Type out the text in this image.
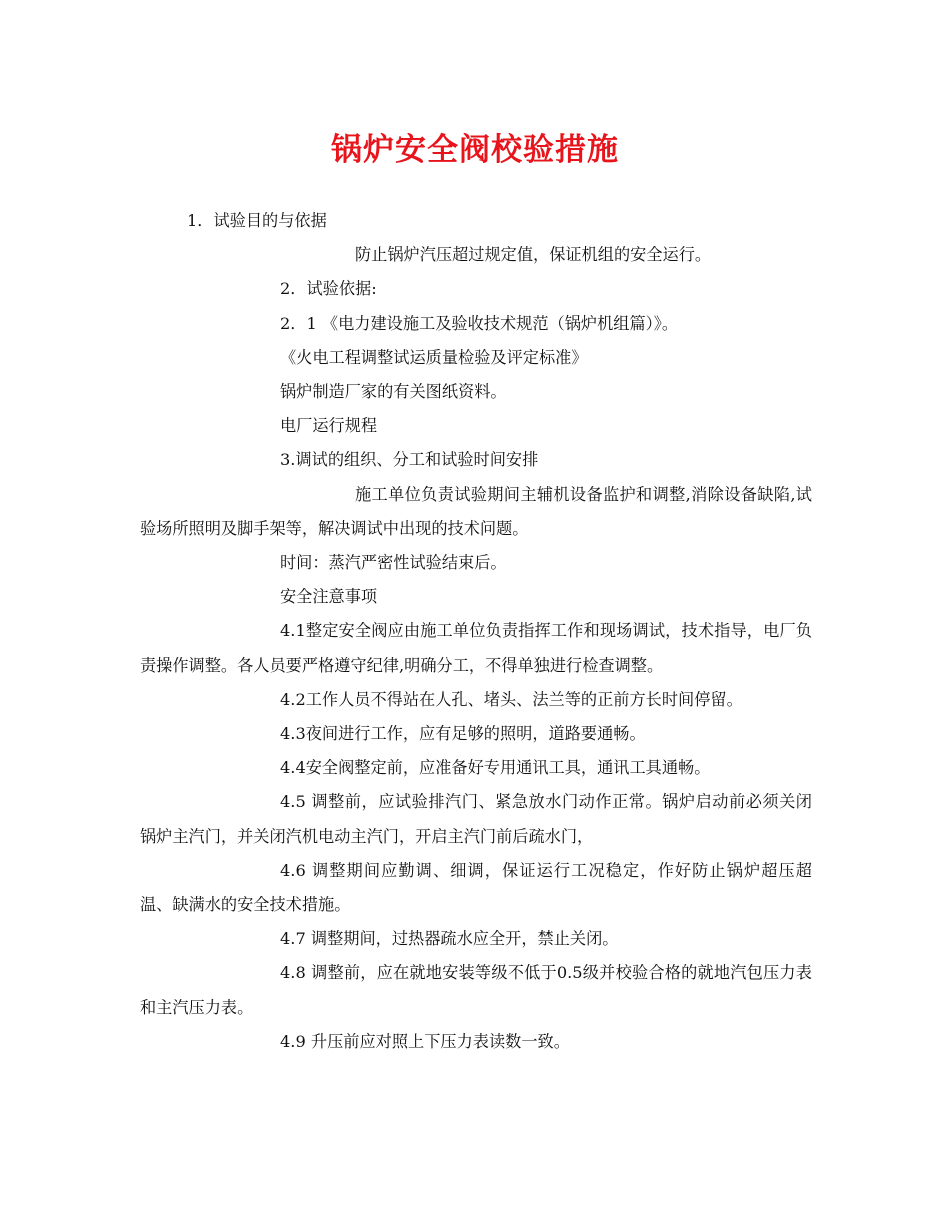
锅炉安全阀校验措施

1．试验目的与依据

防止锅炉汽压超过规定值，保证机组的安全运行。

2．试验依据:

2．1 《电力建设施工及验收技术规范（锅炉机组篇）》。

《火电工程调整试运质量检验及评定标准》

锅炉制造厂家的有关图纸资料。

电厂运行规程

3.调试的组织、分工和试验时间安排

施工单位负责试验期间主辅机设备监护和调整,消除设备缺陷,试验场所照明及脚手架等，解决调试中出现的技术问题。

时间：蒸汽严密性试验结束后。

安全注意事项

4.1整定安全阀应由施工单位负责指挥工作和现场调试，技术指导，电厂负责操作调整。各人员要严格遵守纪律,明确分工，不得单独进行检查调整。

4.2工作人员不得站在人孔、堵头、法兰等的正前方长时间停留。

4.3夜间进行工作，应有足够的照明，道路要通畅。

4.4安全阀整定前，应准备好专用通讯工具，通讯工具通畅。

4.5 调整前，应试验排汽门、紧急放水门动作正常。锅炉启动前必须关闭锅炉主汽门，并关闭汽机电动主汽门，开启主汽门前后疏水门，

4.6 调整期间应勤调、细调，保证运行工况稳定，作好防止锅炉超压超温、缺满水的安全技术措施。

4.7 调整期间，过热器疏水应全开，禁止关闭。

4.8 调整前，应在就地安装等级不低于0.5级并校验合格的就地汽包压力表和主汽压力表。

4.9 升压前应对照上下压力表读数一致。
